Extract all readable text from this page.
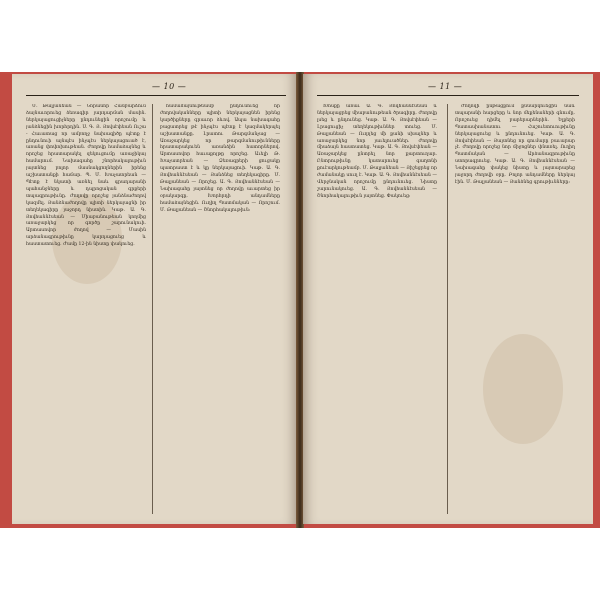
— 10 —

Մ. Թալյանեան — Նորանոր Համբարձում ձայնաւորուեց ձեռագիր յարդարման մասին. ներկայացուցիչները ընդունեցին որոշումը և յանձնեցին խորհրդին. Ս. Գ. Յ. Յովսէփեան Ուշա - Հաւատաց որ ամբողջ նախագիծը պէտք է ընդունուի այնպէս ինչպէս ներկայացուած է, առանց փոփոխութեան. Ժողովը համաձայնեց և որոշեց հրատարակել զեկուցումը առաջիկայ համարում. Նախագահը շնորհակալութիւն յայտնեց բոլոր մասնակցողներին իրենց աշխատանքի համար. Պ. Մ. Խաչատրեան — Պէտք է նկատի առնել նաև գրադարանի պահանջները և դպրոցական գրքերի տպագրութիւնը. Ժողովը որոշեց յանձնաժողով կազմել. Յանձնաժողովը պիտի ներկայացնի իր տեղեկագիրը յաջորդ նիստին. Կաթ. Ա. Գ. Յովհաննէսեան — Միաբանութեան կողմից առաջարկեց որ գործը շարունակուի. Արտասովոր ժողով — Մասին արձանագրութիւնը կարդացուեց և հաստատուեց. Ժամը 12-ին նիստը փակուեց.

համաձայնութեամբ ընդունուեց որ ժողովականները պիտի ներկայացնեն իրենց կարծիքները գրաւոր ձևով. Ապա նախագահը բացատրեց թէ ինչպէս պէտք է կազմակերպել աշխատանքը. Լրատու Թարգմանչաց — Առաջարկեց որ թարգմանութիւնները հրատարակուեն առանձին հատորներով. Արտասովոր հաւաքոյթը որոշեց. Աւելի Թ. Խաչատրեան — Ձեռագրերի ցուցակը պատրաստ է և կը ներկայացուի. Կաթ. Ա. Գ. Յովհաննէսեան — Յանձնեց տեղեկագիրը. Մ. Թալյանեան — Որոշեց. Ա. Գ. Յովհաննէսեան — Նախագահը յայտնեց որ ժողովը աւարտեց իր օրակարգը. Խորհրդի անդամները համաձայնեցին. Ուղիղ Պատմական — Որոշում. Մ. Թալյանեան — Շնորհակալութիւն։

— 11 —

Խոսքը առաւ Ա. Գ. Յովհաննէսեան և ներկայացրեց միաբանութեան ծրագիրը. Ժողովը լսեց և ընդունեց. Կաթ. Ա. Գ. Յովսէփեան — Լրացուցիչ տեղեկութիւններ տուեց. Մ. Թալյանեան — Ուղղեց մի քանի սխալներ և առաջարկեց նոր յաւելուածներ. Ժողովը միաձայն հաստատեց. Կաթ. Ա. Գ. Յովսէփեան — Առաջարկեց ընտրել նոր քարտուղար. Ընտրութիւնը կատարուեց գաղտնի քուէարկութեամբ. Մ. Թալյանեան — Յիշեցրեց որ ժամանակը սուղ է. Կաթ. Ա. Գ. Յովհաննէսեան — Վերջնական որոշումը ընդունուեց. Նիստը շարունակուեց. Ա. Գ. Յովհաննէսեան — Շնորհակալութիւն յայտնեց. Փակուեց։

Ժողովի ընթացքում քննարկուեցին նաև տպարանի հարցերը և նոր մեքենաների գնումը. Որոշուեց դիմել բարերարներին. Ելքերի Պատասխանատու — Հաշուետուութիւնը ներկայացուեց և ընդունուեց. Կաթ. Ա. Գ. Յովսէփեան — Յայտնեց որ գումարը բաւարար չէ. Ժողովը որոշեց նոր միջոցներ փնտռել. Ուղիղ Պատմական — Արձանագրութիւնը ստորագրուեց. Կաթ. Ա. Գ. Յովհաննէսեան — Նախագահը փակեց նիստը և յայտարարեց յաջորդ ժողովի օրը. Բոլոր անդամները ներկայ էին. Մ. Թալյանեան — Յանձնեց գրութիւնները։
